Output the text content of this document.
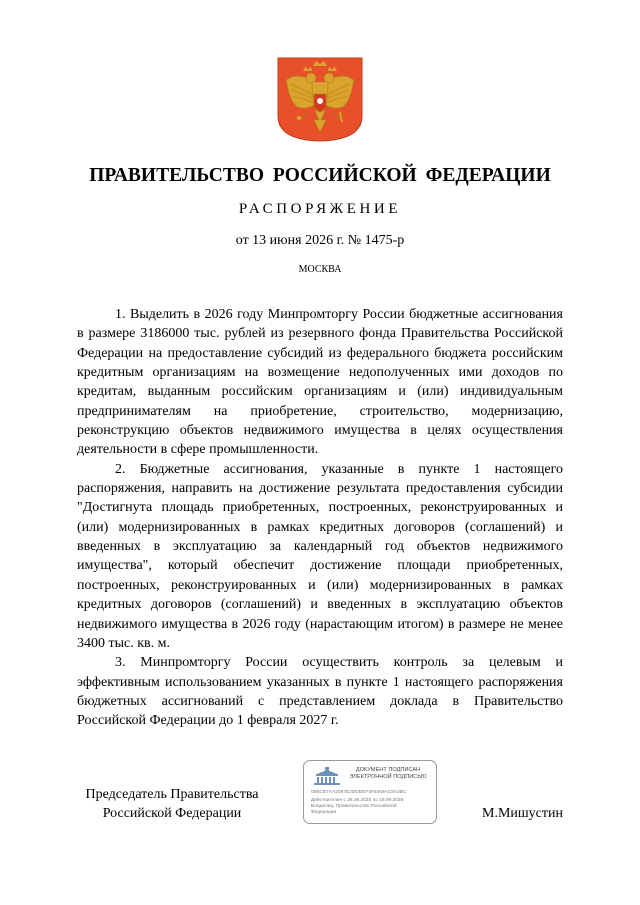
ПРАВИТЕЛЬСТВО РОССИЙСКОЙ ФЕДЕРАЦИИ
РАСПОРЯЖЕНИЕ
от 13 июня 2026 г. № 1475-р
МОСКВА

1. Выделить в 2026 году Минпромторгу России бюджетные ассигнования в размере 3186000 тыс. рублей из резервного фонда Правительства Российской Федерации на предоставление субсидий из федерального бюджета российским кредитным организациям на возмещение недополученных ими доходов по кредитам, выданным российским организациям и (или) индивидуальным предпринимателям на приобретение, строительство, модернизацию, реконструкцию объектов недвижимого имущества в целях осуществления деятельности в сфере промышленности.

2. Бюджетные ассигнования, указанные в пункте 1 настоящего распоряжения, направить на достижение результата предоставления субсидии "Достигнута площадь приобретенных, построенных, реконструированных и (или) модернизированных в рамках кредитных договоров (соглашений) и введенных в эксплуатацию за календарный год объектов недвижимого имущества", который обеспечит достижение площади приобретенных, построенных, реконструированных и (или) модернизированных в рамках кредитных договоров (соглашений) и введенных в эксплуатацию объектов недвижимого имущества в 2026 году (нарастающим итогом) в размере не менее 3400 тыс. кв. м.

3. Минпромторгу России осуществить контроль за целевым и эффективным использованием указанных в пункте 1 настоящего распоряжения бюджетных ассигнований с представлением доклада в Правительство Российской Федерации до 1 февраля 2027 г.

Председатель Правительства
Российской Федерации
ДОКУМЕНТ ПОДПИСАН
ЭЛЕКТРОННОЙ ПОДПИСЬЮ
00BCB7AA2097E2DDDEF4F8469AC8A3BC
Действителен с 26.06.2025 по 19.09.2026
Владелец: Правительство Российской
Федерации	М.Мишустин
